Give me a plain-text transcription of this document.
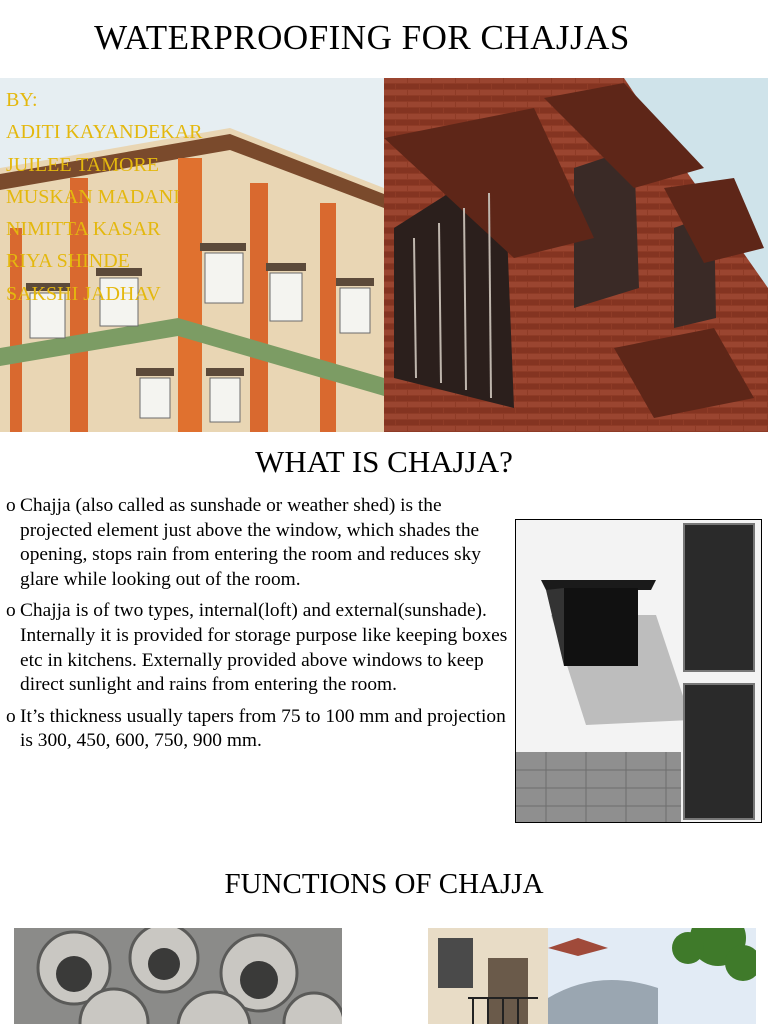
WATERPROOFING FOR CHAJJAS
BY:
ADITI KAYANDEKAR
JUILEE TAMORE
MUSKAN MADANI
NIMITTA KASAR
RIYA SHINDE
SAKSHI JADHAV
WHAT IS CHAJJA?
o Chajja (also called as sunshade or weather shed) is the projected element just above the window, which shades the opening, stops rain from entering the room and reduces sky glare while looking out of the room.
o Chajja is of two types, internal(loft) and external(sunshade). Internally it is provided for storage purpose like keeping boxes etc in kitchens. Externally provided above windows to keep direct sunlight and rains from entering the room.
o It’s thickness usually tapers from 75 to 100 mm and projection is 300, 450, 600, 750, 900 mm.
FUNCTIONS OF CHAJJA
